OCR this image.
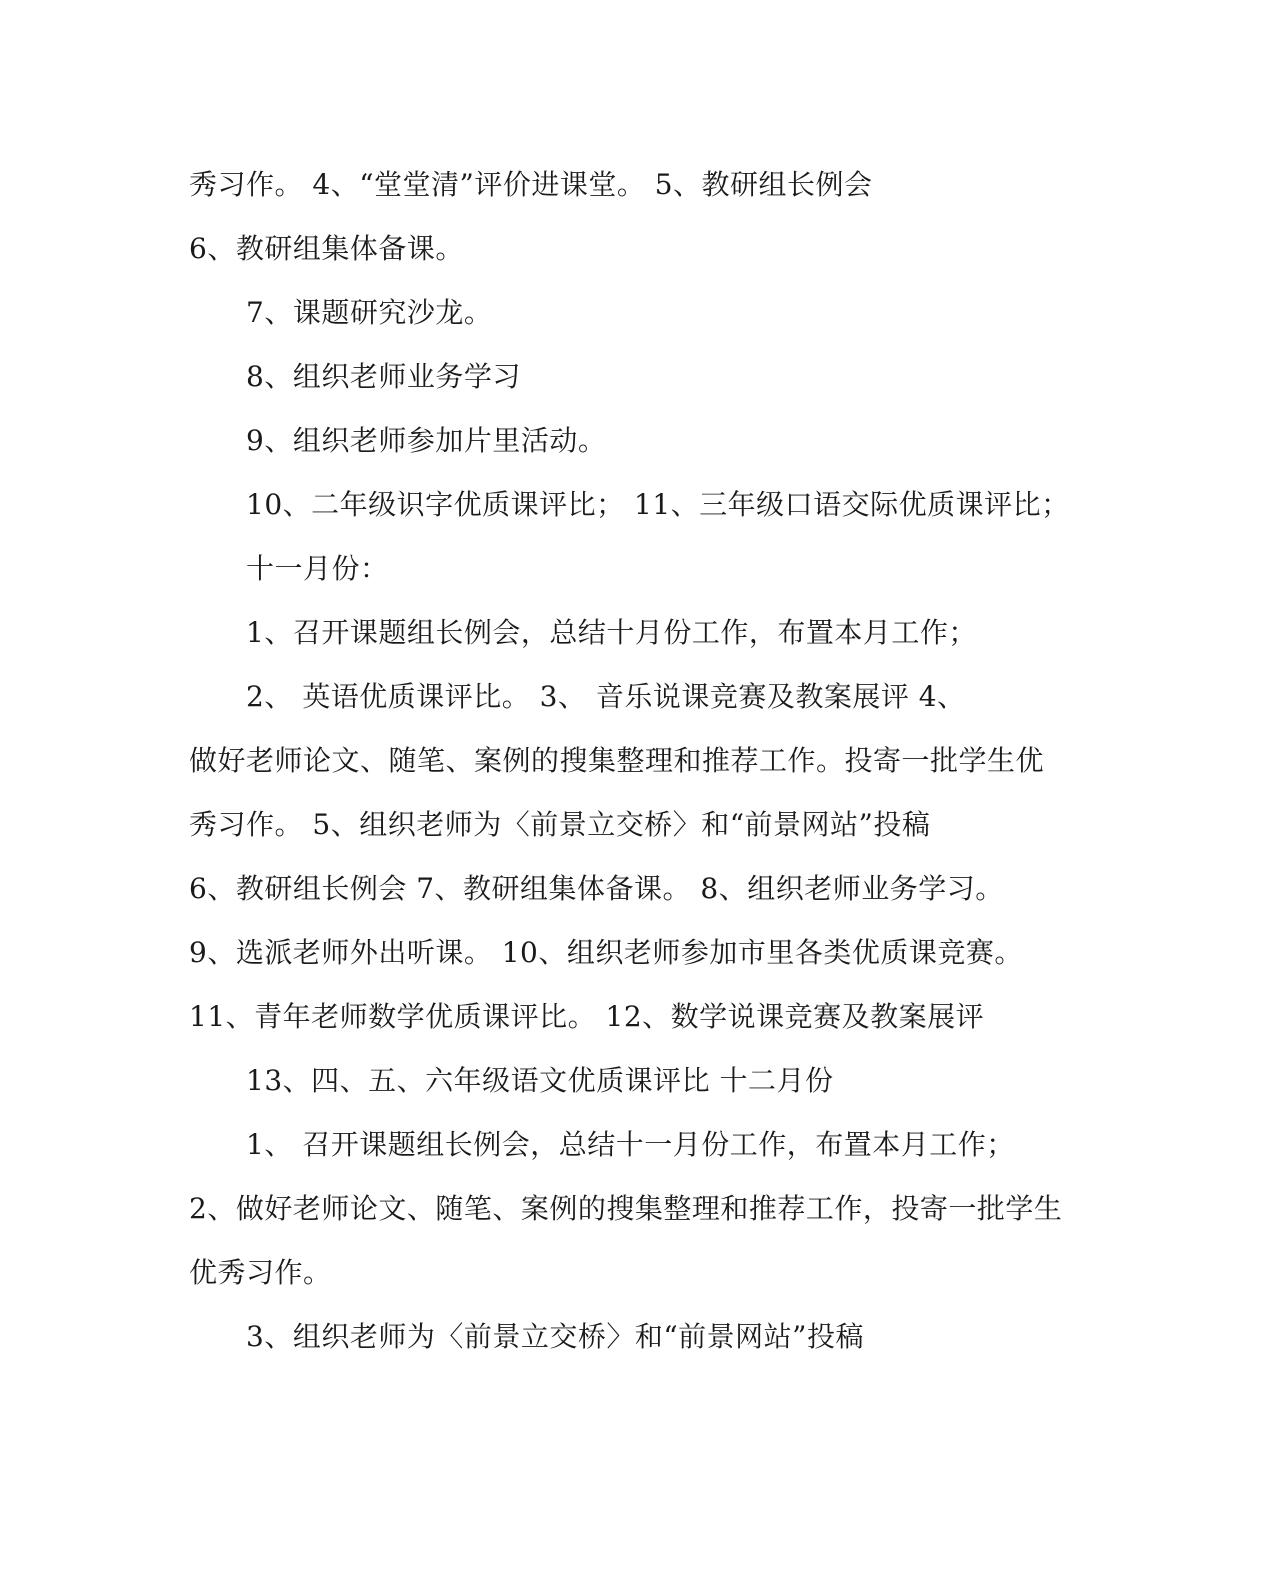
秀习作。 4、“堂堂清”评价进课堂。 5、教研组长例会
6、教研组集体备课。
7、课题研究沙龙。
8、组织老师业务学习
9、组织老师参加片里活动。
10、二年级识字优质课评比； 11、三年级口语交际优质课评比；
十一月份：
1、召开课题组长例会，总结十月份工作，布置本月工作；
2、 英语优质课评比。 3、 音乐说课竞赛及教案展评 4、
做好老师论文、随笔、案例的搜集整理和推荐工作。投寄一批学生优
秀习作。 5、组织老师为〈前景立交桥〉和“前景网站”投稿
6、教研组长例会 7、教研组集体备课。 8、组织老师业务学习。
9、选派老师外出听课。 10、组织老师参加市里各类优质课竞赛。
11、青年老师数学优质课评比。 12、数学说课竞赛及教案展评
13、四、五、六年级语文优质课评比 十二月份
1、 召开课题组长例会，总结十一月份工作，布置本月工作；
2、做好老师论文、随笔、案例的搜集整理和推荐工作，投寄一批学生
优秀习作。
3、组织老师为〈前景立交桥〉和“前景网站”投稿
